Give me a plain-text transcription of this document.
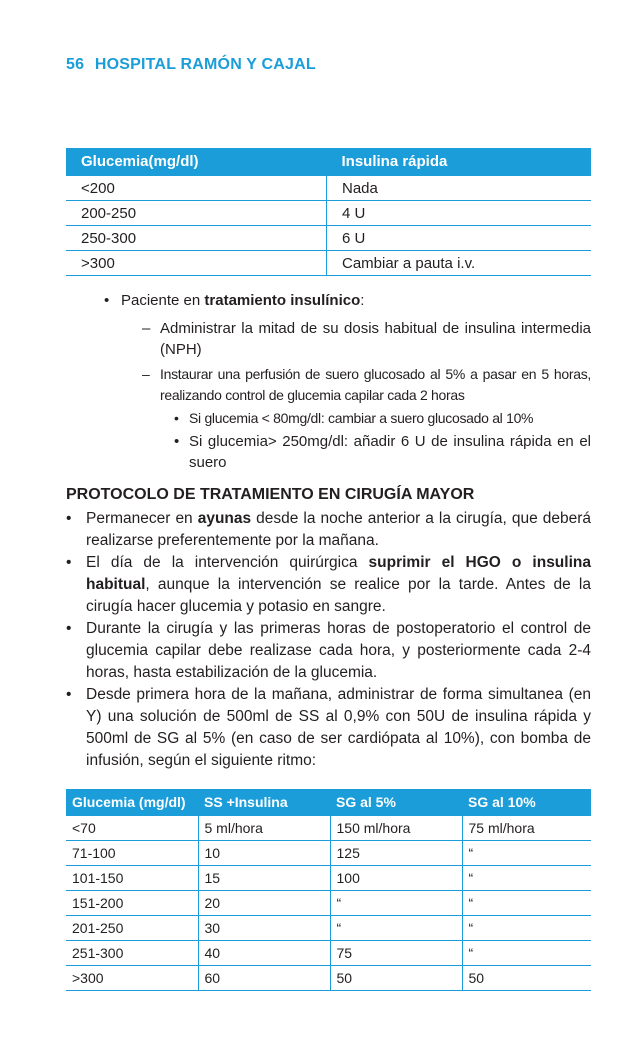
56 HOSPITAL RAMÓN Y CAJAL
Glucemia(mg/dl)	Insulina rápida
<200	Nada
200-250	4 U
250-300	6 U
>300	Cambiar a pauta i.v.
• Paciente en tratamiento insulínico:
– Administrar la mitad de su dosis habitual de insulina intermedia (NPH)
– Instaurar una perfusión de suero glucosado al 5% a pasar en 5 horas, realizando control de glucemia capilar cada 2 horas
• Si glucemia < 80mg/dl: cambiar a suero glucosado al 10%
• Si glucemia> 250mg/dl: añadir 6 U de insulina rápida en el suero
PROTOCOLO DE TRATAMIENTO EN CIRUGÍA MAYOR
• Permanecer en ayunas desde la noche anterior a la cirugía, que deberá realizarse preferentemente por la mañana.
• El día de la intervención quirúrgica suprimir el HGO o insulina habitual, aunque la intervención se realice por la tarde. Antes de la cirugía hacer glucemia y potasio en sangre.
• Durante la cirugía y las primeras horas de postoperatorio el control de glucemia capilar debe realizase cada hora, y posteriormente cada 2-4 horas, hasta estabilización de la glucemia.
• Desde primera hora de la mañana, administrar de forma simultanea (en Y) una solución de 500ml de SS al 0,9% con 50U de insulina rápida y 500ml de SG al 5% (en caso de ser cardiópata al 10%), con bomba de infusión, según el siguiente ritmo:
Glucemia (mg/dl)	SS +Insulina	SG al 5%	SG al 10%
<70	5 ml/hora	150 ml/hora	75 ml/hora
71-100	10	125	“
101-150	15	100	“
151-200	20	“	“
201-250	30	“	“
251-300	40	75	“
>300	60	50	50
